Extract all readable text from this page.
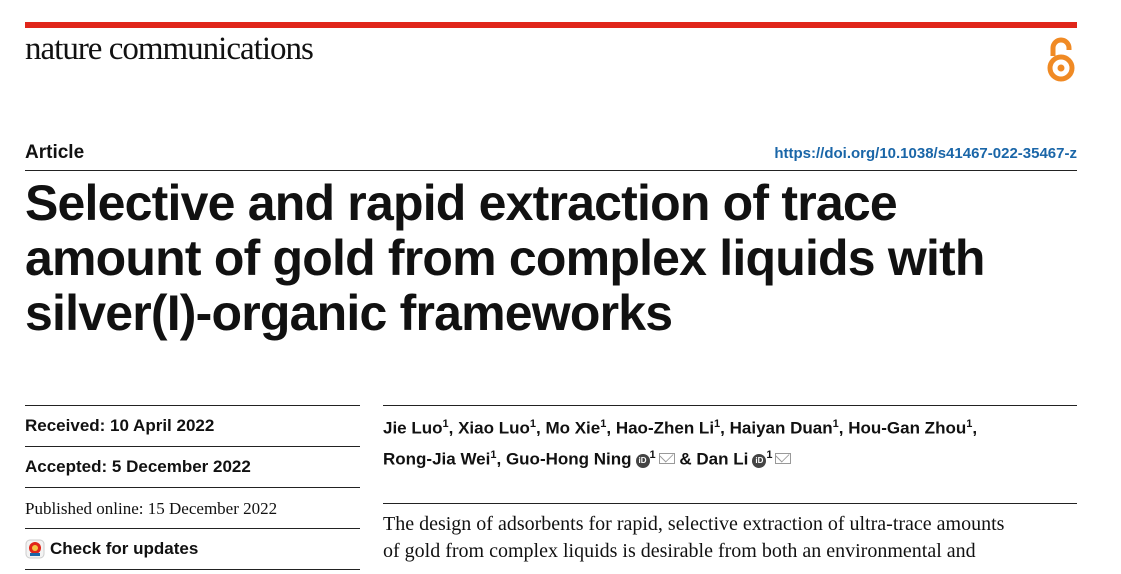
nature communications
Article	https://doi.org/10.1038/s41467-022-35467-z
Selective and rapid extraction of trace
amount of gold from complex liquids with
silver(I)-organic frameworks
Received: 10 April 2022
Accepted: 5 December 2022
Published online: 15 December 2022
Check for updates
Jie Luo$^1$, Xiao Luo$^1$, Mo Xie$^1$, Hao-Zhen Li$^1$, Haiyan Duan$^1$, Hou-Gan Zhou$^1$,
Rong-Jia Wei$^1$, Guo-Hong Ning $iD^1$ & Dan Li $iD^1$
The design of adsorbents for rapid, selective extraction of ultra-trace amounts
of gold from complex liquids is desirable from both an environmental and
